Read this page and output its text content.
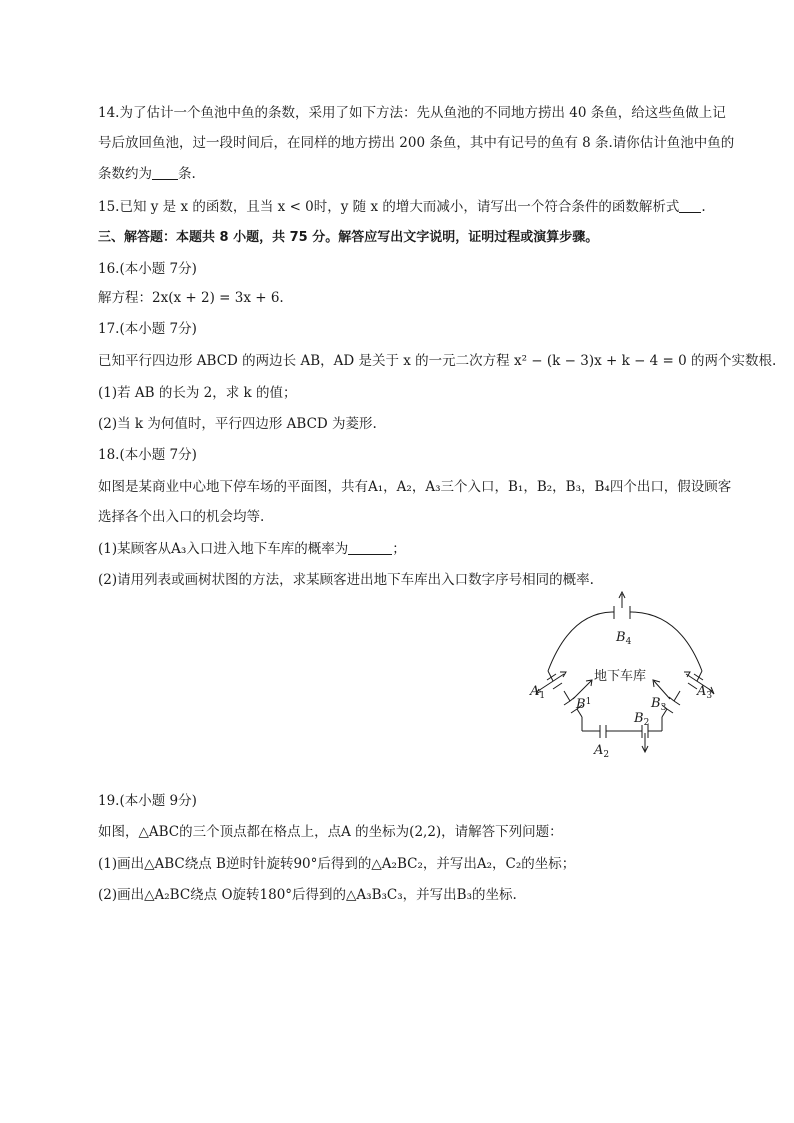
14.为了估计一个鱼池中鱼的条数，采用了如下方法：先从鱼池的不同地方捞出 40 条鱼，给这些鱼做上记
号后放回鱼池，过一段时间后，在同样的地方捞出 200 条鱼，其中有记号的鱼有 8 条.请你估计鱼池中鱼的
条数约为 条.
15.已知 y 是 x 的函数，且当 x < 0时，y 随 x 的增大而减小，请写出一个符合条件的函数解析式 .
三、解答题：本题共 8 小题，共 75 分。解答应写出文字说明，证明过程或演算步骤。
16.(本小题 7分)
解方程：2x(x + 2) = 3x + 6.
17.(本小题 7分)
已知平行四边形 ABCD 的两边长 AB，AD 是关于 x 的一元二次方程 x² − (k − 3)x + k − 4 = 0 的两个实数根.
(1)若 AB 的长为 2，求 k 的值；
(2)当 k 为何值时，平行四边形 ABCD 为菱形.
18.(本小题 7分)
如图是某商业中心地下停车场的平面图，共有A₁，A₂，A₃三个入口，B₁，B₂，B₃，B₄四个出口，假设顾客
选择各个出入口的机会均等.
(1)某顾客从A₃入口进入地下车库的概率为	；
(2)请用列表或画树状图的方法，求某顾客进出地下车库出入口数字序号相同的概率.
地下车库
$B_4$
$A_1$
$B^1$	$B_3$
$A_3$
$B_2$
$A_2$
19.(本小题 9分)
如图，△ABC的三个顶点都在格点上，点A 的坐标为(2,2)，请解答下列问题：
(1)画出△ABC绕点 B逆时针旋转90°后得到的△A₂BC₂，并写出A₂，C₂的坐标；
(2)画出△A₂BC绕点 O旋转180°后得到的△A₃B₃C₃，并写出B₃的坐标.
